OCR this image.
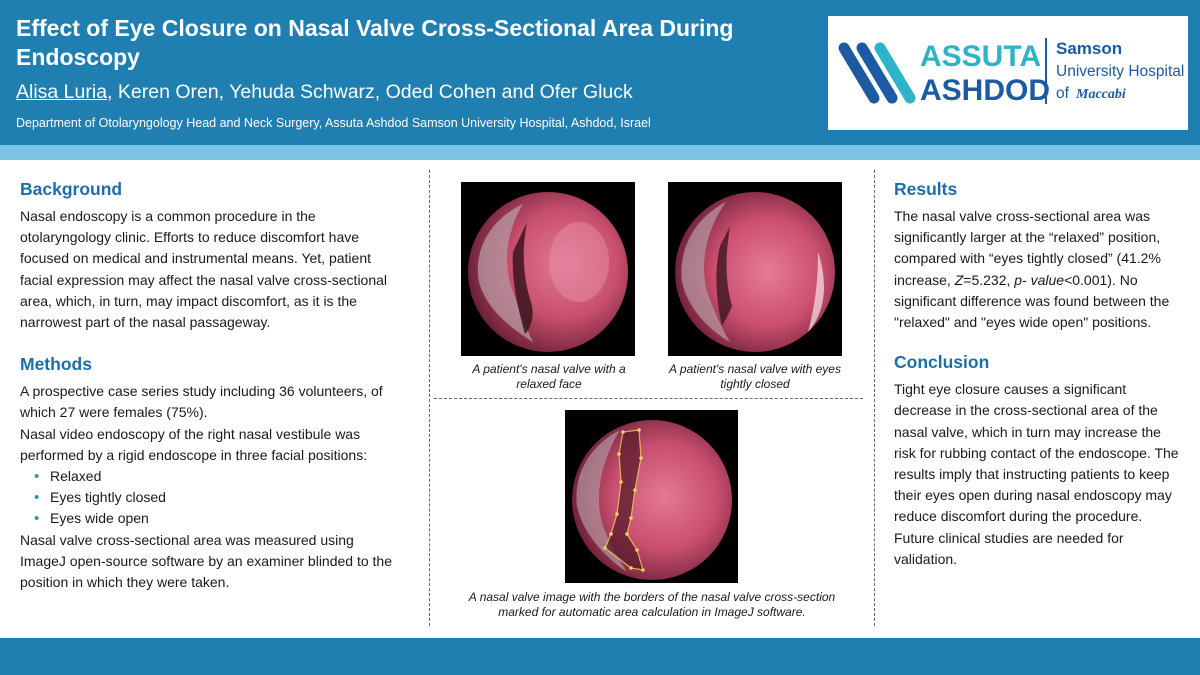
Effect of Eye Closure on Nasal Valve Cross-Sectional Area During Endoscopy
Alisa Luria, Keren Oren, Yehuda Schwarz, Oded Cohen and Ofer Gluck
Department of Otolaryngology Head and Neck Surgery, Assuta Ashdod Samson University Hospital, Ashdod, Israel
ASSUTA
ASHDOD
Samson
University Hospital
of Maccabi
Background
Nasal endoscopy is a common procedure in the otolaryngology clinic. Efforts to reduce discomfort have focused on medical and instrumental means. Yet, patient facial expression may affect the nasal valve cross-sectional area, which, in turn, may impact discomfort, as it is the narrowest part of the nasal passageway.
Methods
A prospective case series study including 36 volunteers, of which 27 were females (75%).
Nasal video endoscopy of the right nasal vestibule was performed by a rigid endoscope in three facial positions:
• Relaxed
• Eyes tightly closed
• Eyes wide open
Nasal valve cross-sectional area was measured using ImageJ open-source software by an examiner blinded to the position in which they were taken.
A patient's nasal valve with a relaxed face
A patient's nasal valve with eyes tightly closed
A nasal valve image with the borders of the nasal valve cross-section marked for automatic area calculation in ImageJ software.
Results
The nasal valve cross-sectional area was significantly larger at the “relaxed” position, compared with “eyes tightly closed” (41.2% increase, Z=5.232, p- value<0.001). No significant difference was found between the "relaxed" and "eyes wide open" positions.
Conclusion
Tight eye closure causes a significant decrease in the cross-sectional area of the nasal valve, which in turn may increase the risk for rubbing contact of the endoscope. The results imply that instructing patients to keep their eyes open during nasal endoscopy may reduce discomfort during the procedure. Future clinical studies are needed for validation.
